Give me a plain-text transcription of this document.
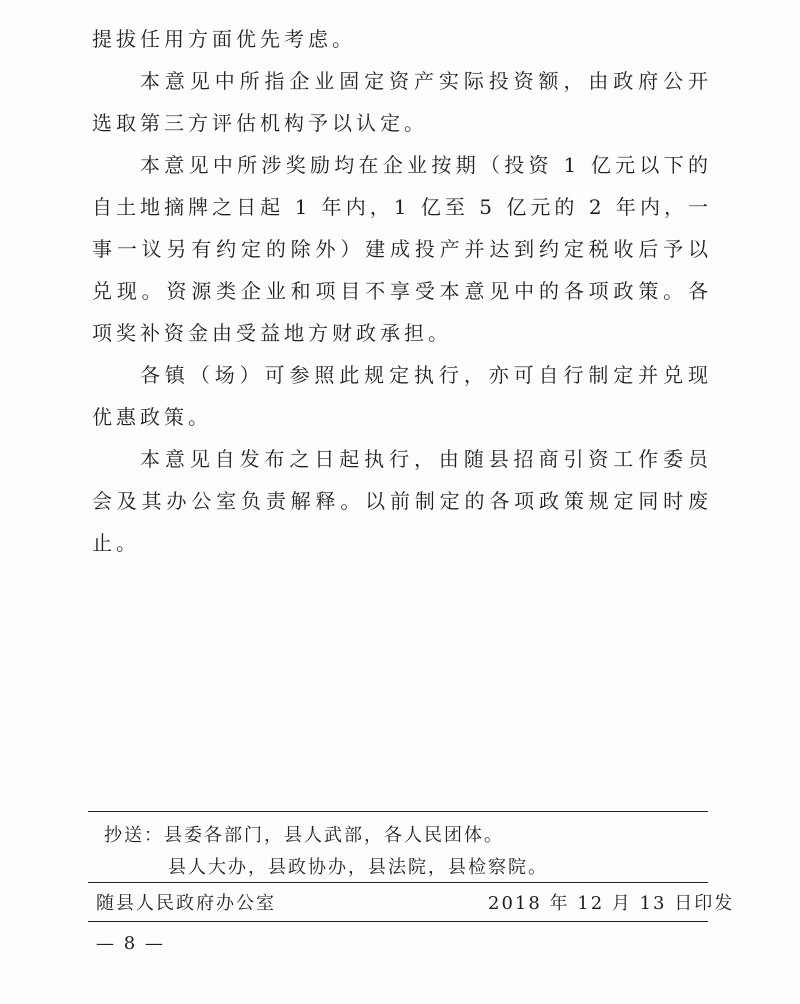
提拔任用方面优先考虑。

本意见中所指企业固定资产实际投资额，由政府公开选取第三方评估机构予以认定。

本意见中所涉奖励均在企业按期（投资 1 亿元以下的自土地摘牌之日起 1 年内，1 亿至 5 亿元的 2 年内，一事一议另有约定的除外）建成投产并达到约定税收后予以兑现。资源类企业和项目不享受本意见中的各项政策。各项奖补资金由受益地方财政承担。

各镇（场）可参照此规定执行，亦可自行制定并兑现优惠政策。

本意见自发布之日起执行，由随县招商引资工作委员会及其办公室负责解释。以前制定的各项政策规定同时废止。

抄送：县委各部门，县人武部，各人民团体。
县人大办，县政协办，县法院，县检察院。
随县人民政府办公室	2018 年 12 月 13 日印发
— 8 —
